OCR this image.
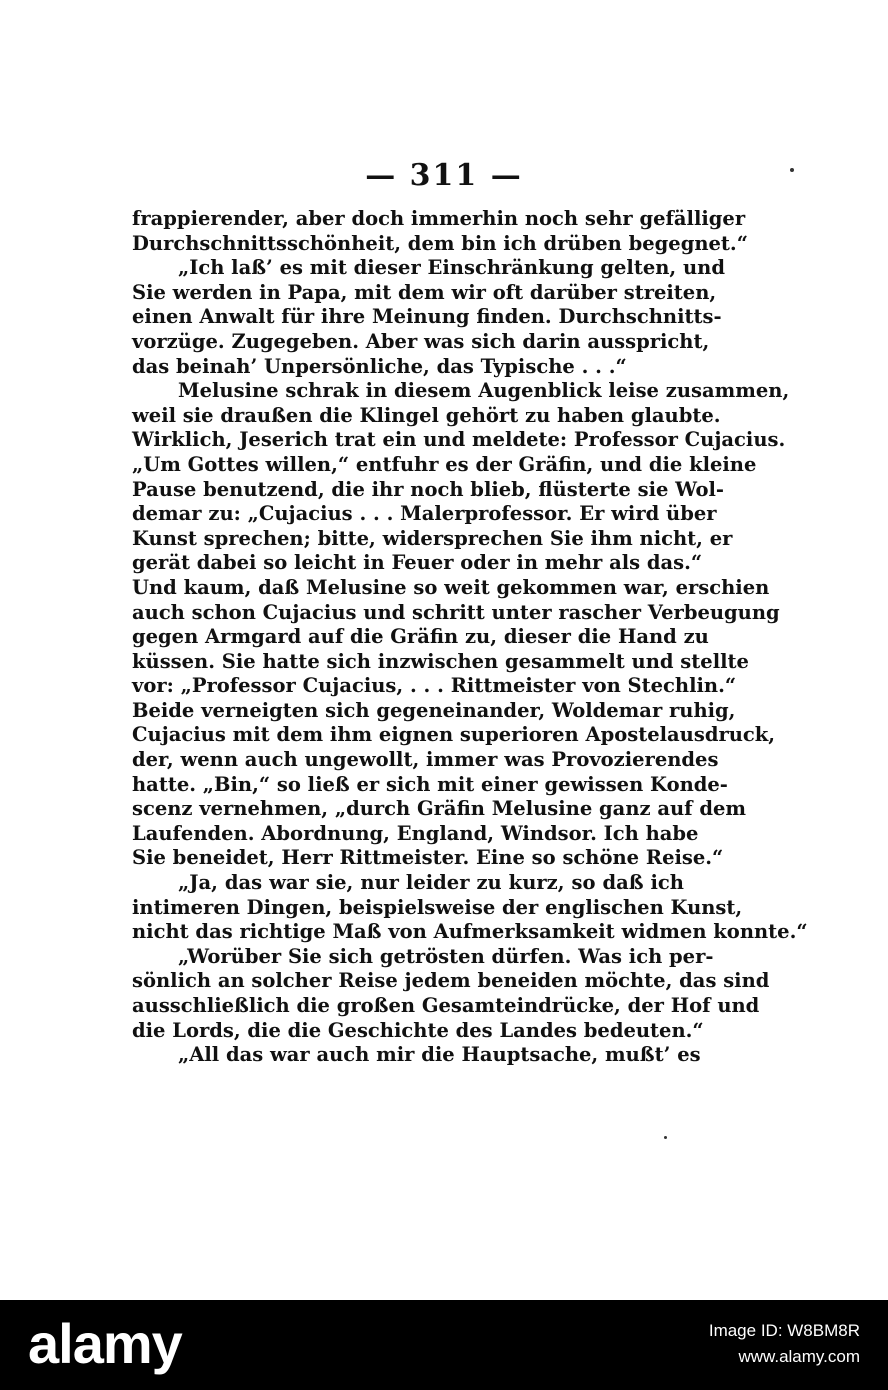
— 311 —
frappierender, aber doch immerhin noch sehr gefälliger
Durchschnittsschönheit, dem bin ich drüben begegnet.“
„Ich laß’ es mit dieser Einschränkung gelten, und
Sie werden in Papa, mit dem wir oft darüber streiten,
einen Anwalt für ihre Meinung finden. Durchschnitts-
vorzüge. Zugegeben. Aber was sich darin ausspricht,
das beinah’ Unpersönliche, das Typische . . .“
Melusine schrak in diesem Augenblick leise zusammen,
weil sie draußen die Klingel gehört zu haben glaubte.
Wirklich, Jeserich trat ein und meldete: Professor Cujacius.
„Um Gottes willen,“ entfuhr es der Gräfin, und die kleine
Pause benutzend, die ihr noch blieb, flüsterte sie Wol-
demar zu: „Cujacius . . . Malerprofessor. Er wird über
Kunst sprechen; bitte, widersprechen Sie ihm nicht, er
gerät dabei so leicht in Feuer oder in mehr als das.“
Und kaum, daß Melusine so weit gekommen war, erschien
auch schon Cujacius und schritt unter rascher Verbeugung
gegen Armgard auf die Gräfin zu, dieser die Hand zu
küssen. Sie hatte sich inzwischen gesammelt und stellte
vor: „Professor Cujacius, . . . Rittmeister von Stechlin.“
Beide verneigten sich gegeneinander, Woldemar ruhig,
Cujacius mit dem ihm eignen superioren Apostelausdruck,
der, wenn auch ungewollt, immer was Provozierendes
hatte. „Bin,“ so ließ er sich mit einer gewissen Konde-
scenz vernehmen, „durch Gräfin Melusine ganz auf dem
Laufenden. Abordnung, England, Windsor. Ich habe
Sie beneidet, Herr Rittmeister. Eine so schöne Reise.“
„Ja, das war sie, nur leider zu kurz, so daß ich
intimeren Dingen, beispielsweise der englischen Kunst,
nicht das richtige Maß von Aufmerksamkeit widmen konnte.“
„Worüber Sie sich getrösten dürfen. Was ich per-
sönlich an solcher Reise jedem beneiden möchte, das sind
ausschließlich die großen Gesamteindrücke, der Hof und
die Lords, die die Geschichte des Landes bedeuten.“
„All das war auch mir die Hauptsache, mußt’ es
alamy	Image ID: W8BM8R
www.alamy.com
